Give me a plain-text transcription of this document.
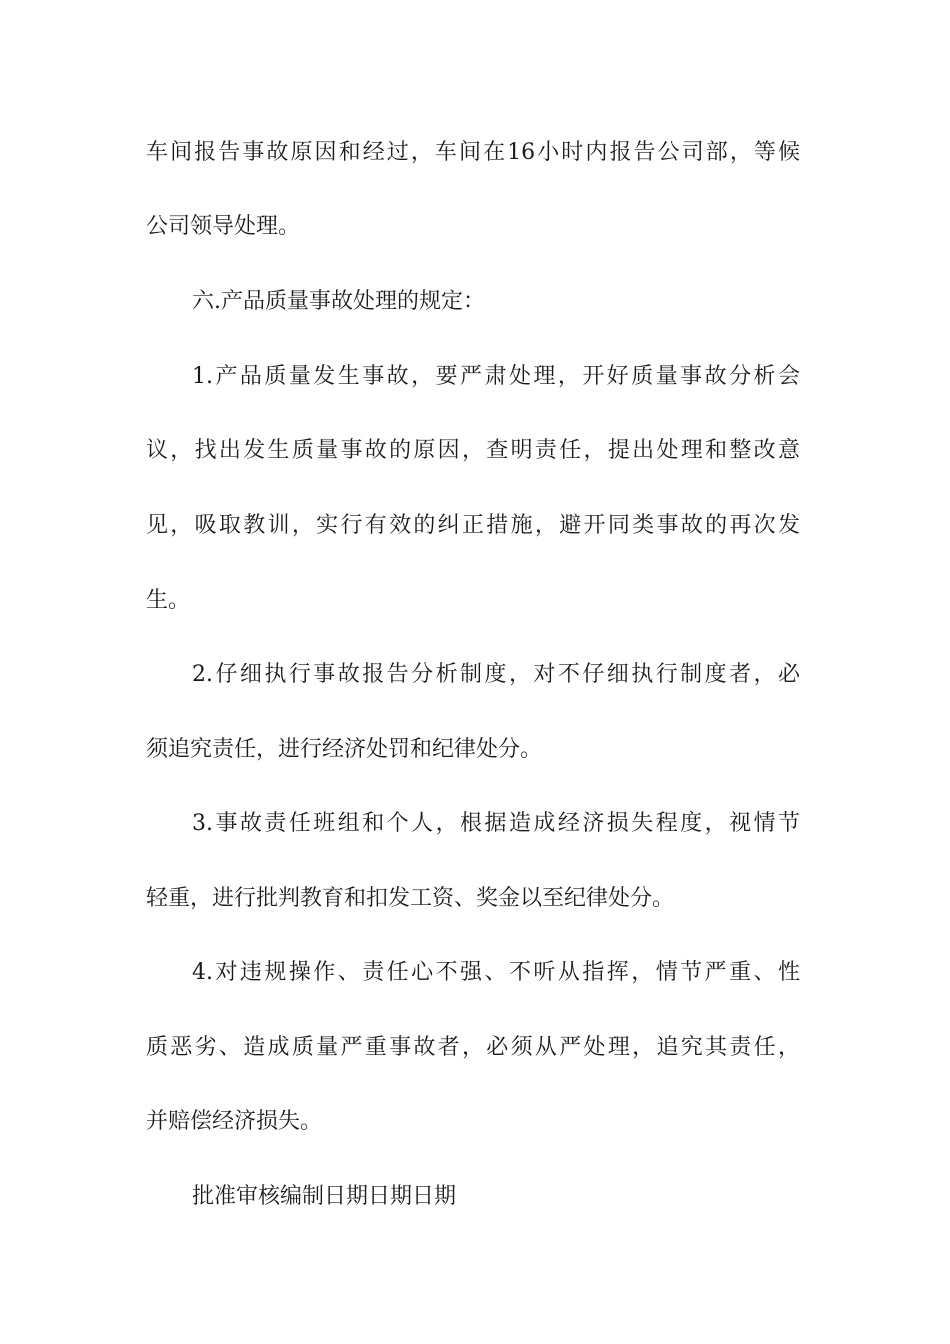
车间报告事故原因和经过，车间在16小时内报告公司部，等候
公司领导处理。
六.产品质量事故处理的规定：
1.产品质量发生事故，要严肃处理，开好质量事故分析会
议，找出发生质量事故的原因，查明责任，提出处理和整改意
见，吸取教训，实行有效的纠正措施，避开同类事故的再次发
生。
2.仔细执行事故报告分析制度，对不仔细执行制度者，必
须追究责任，进行经济处罚和纪律处分。
3.事故责任班组和个人，根据造成经济损失程度，视情节
轻重，进行批判教育和扣发工资、奖金以至纪律处分。
4.对违规操作、责任心不强、不听从指挥，情节严重、性
质恶劣、造成质量严重事故者，必须从严处理，追究其责任，
并赔偿经济损失。
批准审核编制日期日期日期
